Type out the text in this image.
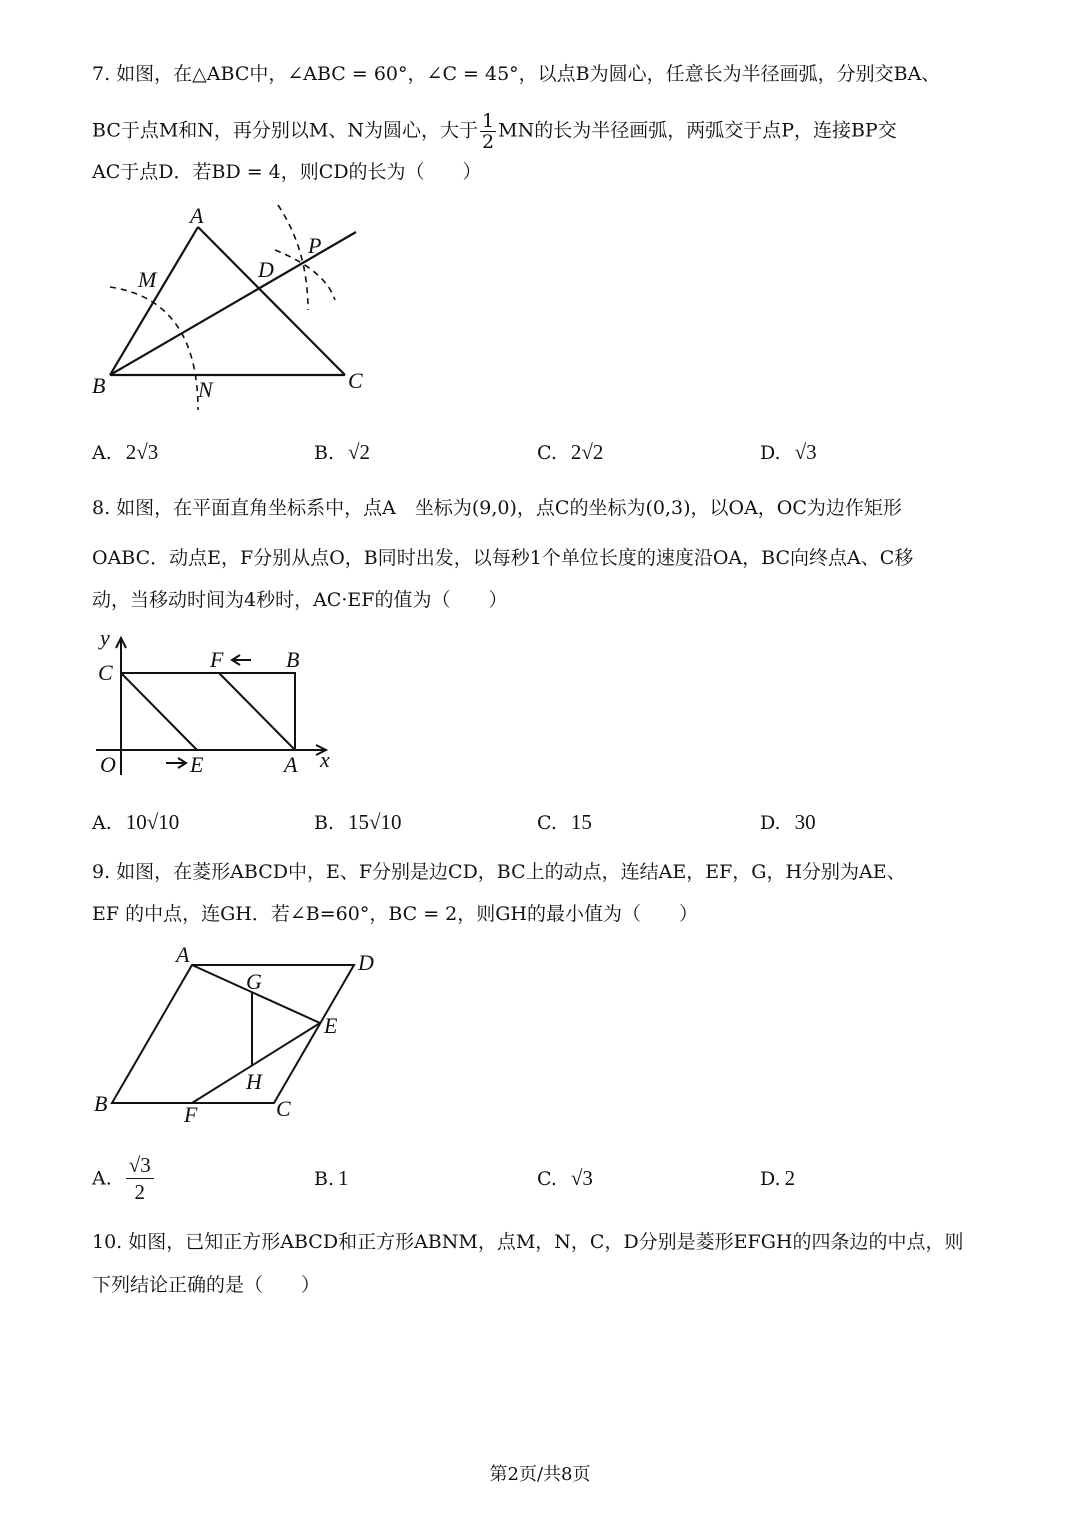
7. 如图，在△ABC中，∠ABC = 60°，∠C = 45°，以点B为圆心，任意长为半径画弧，分别交BA、
BC于点M和N，再分别以M、N为圆心，大于 $\frac{1}{2}$ MN的长为半径画弧，两弧交于点P，连接BP交
AC于点D．若BD = 4，则CD的长为（　　）
A
M	D
P
B	N	C
A. 2√3	B. √2	C. 2√2	D. √3
8. 如图，在平面直角坐标系中，点A　坐标为(9,0)，点C的坐标为(0,3)，以OA，OC为边作矩形
OABC．动点E，F分别从点O，B同时出发，以每秒1个单位长度的速度沿OA，BC向终点A、C移
动，当移动时间为4秒时，AC·EF的值为（　　）
y
C
F	B
O	E	A x
A. 10√10	B. 15√10	C. 15	D. 30
9. 如图，在菱形ABCD中，E、F分别是边CD，BC上的动点，连结AE，EF，G，H分别为AE、
EF 的中点，连GH．若∠B=60°，BC = 2，则GH的最小值为（　　）
A	D
G
E
H
B	F	C
A. $\frac{√3}{2}$	B. 1	C. √3	D. 2
10. 如图，已知正方形ABCD和正方形ABNM，点M，N，C，D分别是菱形EFGH的四条边的中点，则
下列结论正确的是（　　）
第2页/共8页
